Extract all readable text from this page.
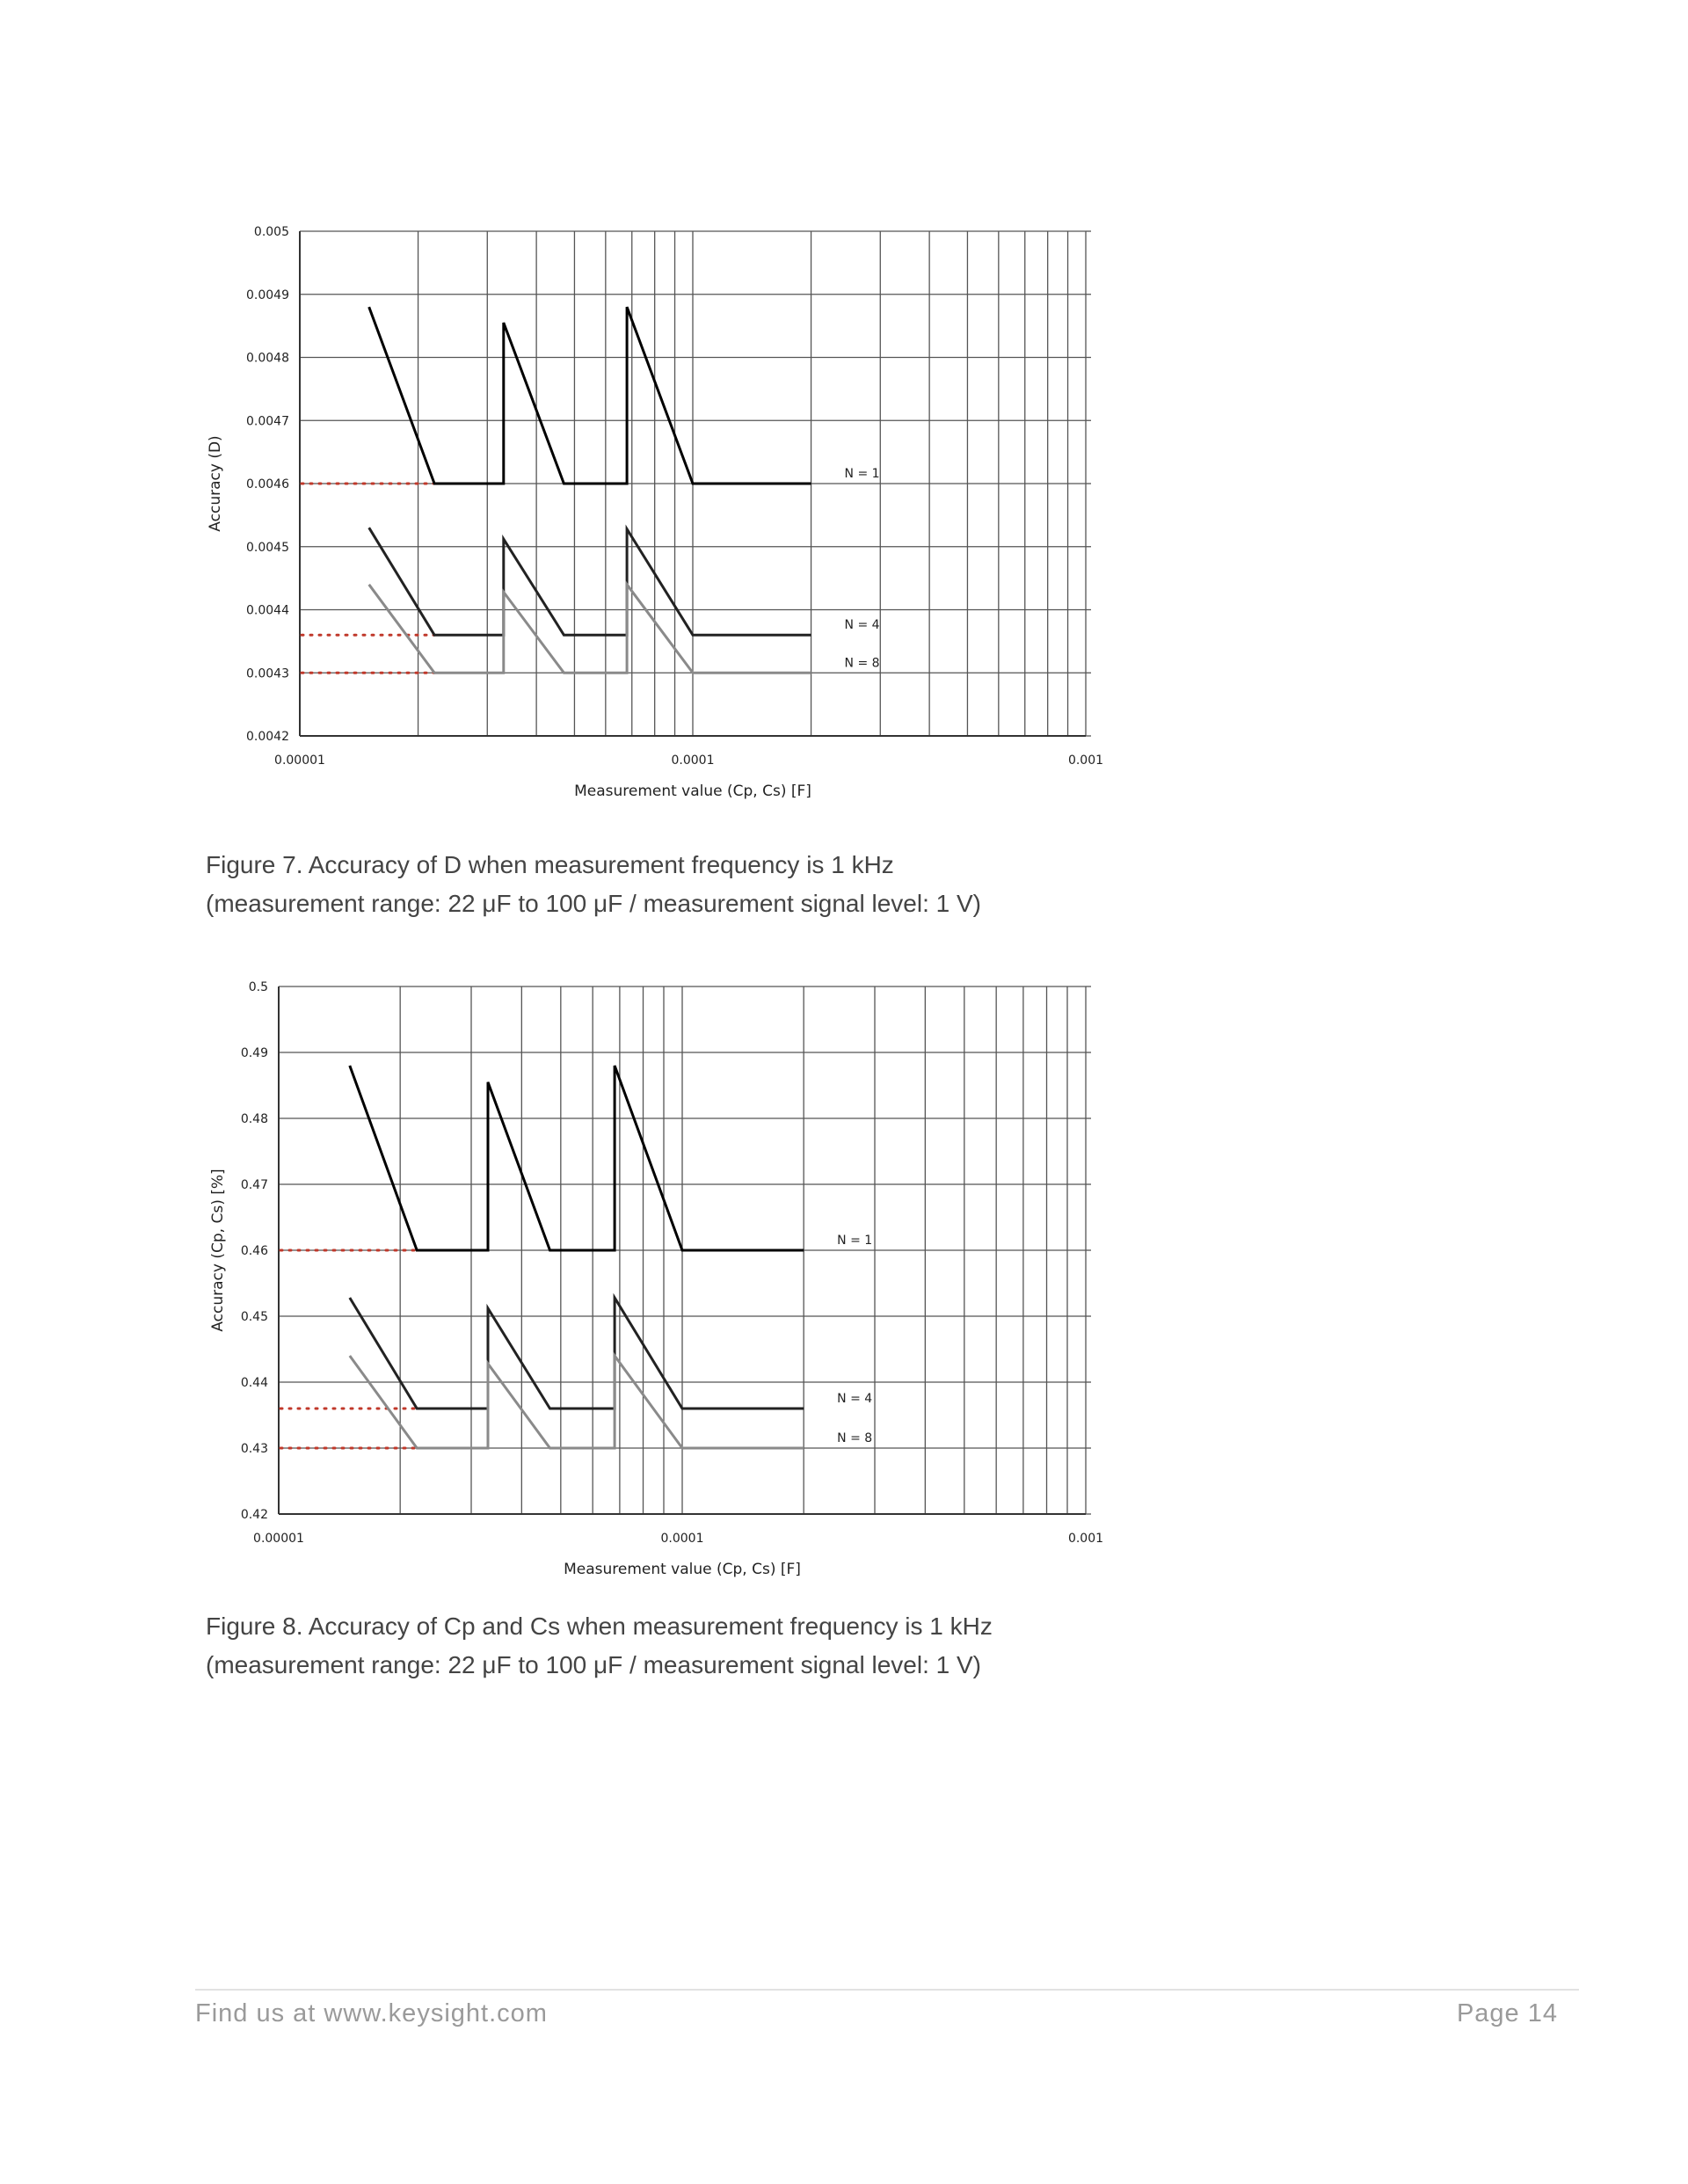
0.0042
0.0043
0.0044
0.0045
0.0046
0.0047
0.0048
0.0049
0.005
0.00001	0.0001	0.001
N = 1
N = 4
N = 8
Measurement value (Cp, Cs) [F]
Accuracy (D)
Figure 7. Accuracy of D when measurement frequency is 1 kHz
(measurement range: 22 μF to 100 μF / measurement signal level: 1 V)
0.42
0.43
0.44
0.45
0.46
0.47
0.48
0.49
0.5
0.00001	0.0001	0.001
N = 1
N = 4
N = 8
Measurement value (Cp, Cs) [F]
Accuracy (Cp, Cs) [%]
Figure 8. Accuracy of Cp and Cs when measurement frequency is 1 kHz
(measurement range: 22 μF to 100 μF / measurement signal level: 1 V)
Find us at www.keysight.com	Page 14
